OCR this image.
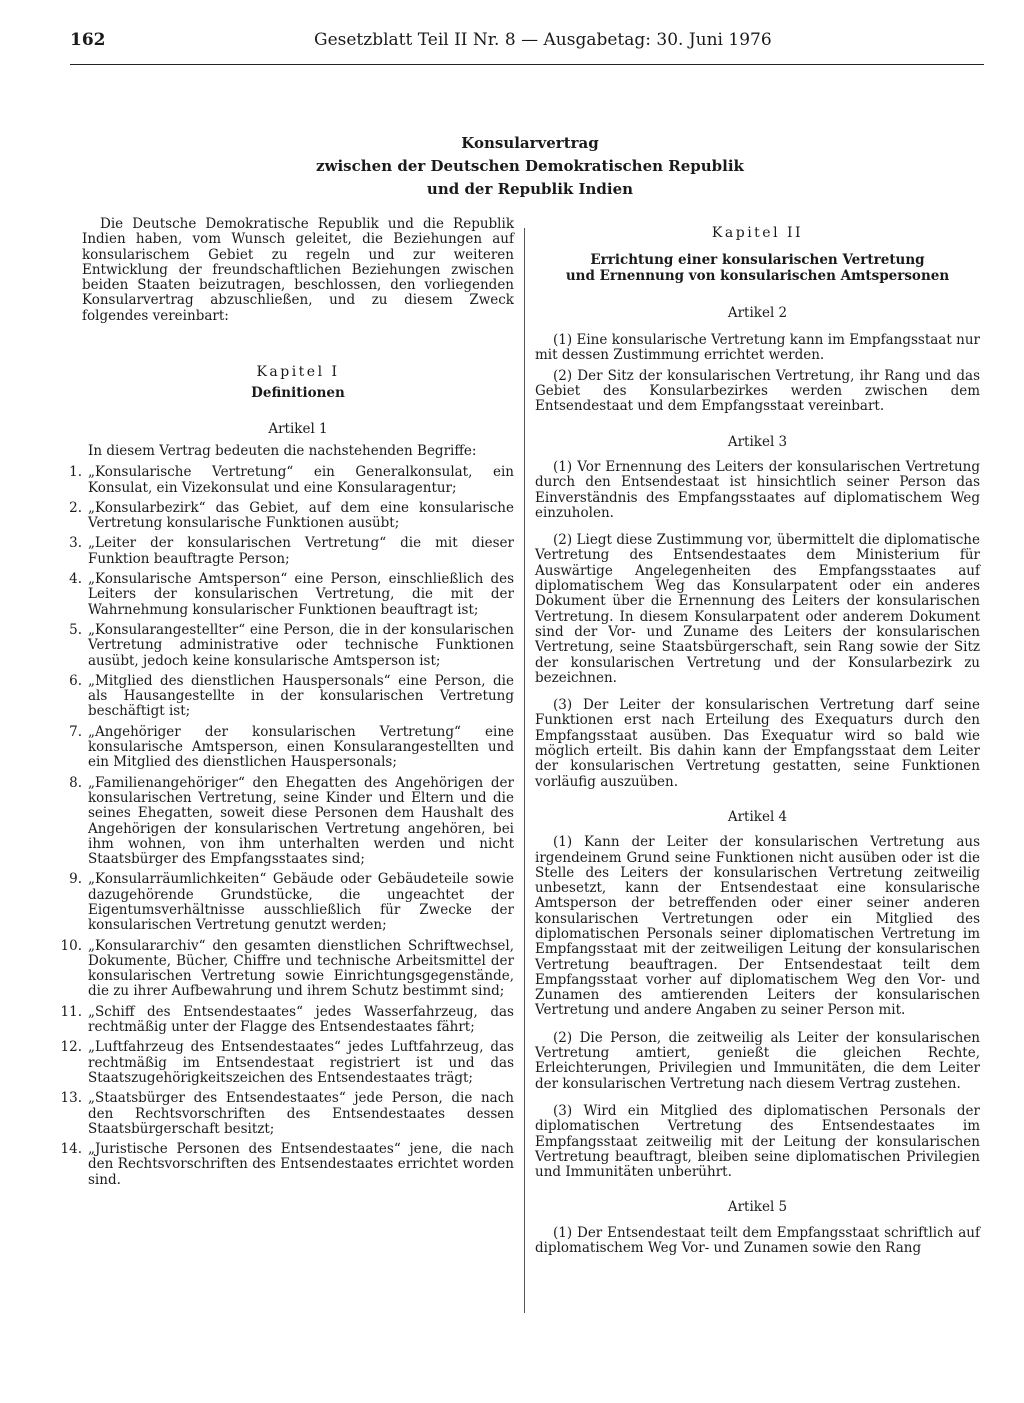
162	Gesetzblatt Teil II Nr. 8 — Ausgabetag: 30. Juni 1976
Konsularvertrag
zwischen der Deutschen Demokratischen Republik
und der Republik Indien

Die Deutsche Demokratische Republik und die Republik Indien haben, vom Wunsch geleitet, die Beziehungen auf konsularischem Gebiet zu regeln und zur weiteren Entwicklung der freundschaftlichen Beziehungen zwischen beiden Staaten beizutragen, beschlossen, den vorliegenden Konsularvertrag abzuschließen, und zu diesem Zweck folgendes vereinbart:

Kapitel I
Definitionen
Artikel 1

In diesem Vertrag bedeuten die nachstehenden Begriffe:

1. „Konsularische Vertretung“ ein Generalkonsulat, ein Konsulat, ein Vizekonsulat und eine Konsularagentur;
2. „Konsularbezirk“ das Gebiet, auf dem eine konsularische Vertretung konsularische Funktionen ausübt;
3. „Leiter der konsularischen Vertretung“ die mit dieser Funktion beauftragte Person;
4. „Konsularische Amtsperson“ eine Person, einschließlich des Leiters der konsularischen Vertretung, die mit der Wahrnehmung konsularischer Funktionen beauftragt ist;
5. „Konsularangestellter“ eine Person, die in der konsularischen Vertretung administrative oder technische Funktionen ausübt, jedoch keine konsularische Amtsperson ist;
6. „Mitglied des dienstlichen Hauspersonals“ eine Person, die als Hausangestellte in der konsularischen Vertretung beschäftigt ist;
7. „Angehöriger der konsularischen Vertretung“ eine konsularische Amtsperson, einen Konsularangestellten und ein Mitglied des dienstlichen Hauspersonals;
8. „Familienangehöriger“ den Ehegatten des Angehörigen der konsularischen Vertretung, seine Kinder und Eltern und die seines Ehegatten, soweit diese Personen dem Haushalt des Angehörigen der konsularischen Vertretung angehören, bei ihm wohnen, von ihm unterhalten werden und nicht Staatsbürger des Empfangsstaates sind;
9. „Konsularräumlichkeiten“ Gebäude oder Gebäudeteile sowie dazugehörende Grundstücke, die ungeachtet der Eigentumsverhältnisse ausschließlich für Zwecke der konsularischen Vertretung genutzt werden;
10. „Konsulararchiv“ den gesamten dienstlichen Schriftwechsel, Dokumente, Bücher, Chiffre und technische Arbeitsmittel der konsularischen Vertretung sowie Einrichtungsgegenstände, die zu ihrer Aufbewahrung und ihrem Schutz bestimmt sind;
11. „Schiff des Entsendestaates“ jedes Wasserfahrzeug, das rechtmäßig unter der Flagge des Entsendestaates fährt;
12. „Luftfahrzeug des Entsendestaates“ jedes Luftfahrzeug, das rechtmäßig im Entsendestaat registriert ist und das Staatszugehörigkeitszeichen des Entsendestaates trägt;
13. „Staatsbürger des Entsendestaates“ jede Person, die nach den Rechtsvorschriften des Entsendestaates dessen Staatsbürgerschaft besitzt;
14. „Juristische Personen des Entsendestaates“ jene, die nach den Rechtsvorschriften des Entsendestaates errichtet worden sind.
Kapitel II
Errichtung einer konsularischen Vertretung
und Ernennung von konsularischen Amtspersonen
Artikel 2

(1) Eine konsularische Vertretung kann im Empfangsstaat nur mit dessen Zustimmung errichtet werden.

(2) Der Sitz der konsularischen Vertretung, ihr Rang und das Gebiet des Konsularbezirkes werden zwischen dem Entsendestaat und dem Empfangsstaat vereinbart.

Artikel 3

(1) Vor Ernennung des Leiters der konsularischen Vertretung durch den Entsendestaat ist hinsichtlich seiner Person das Einverständnis des Empfangsstaates auf diplomatischem Weg einzuholen.

(2) Liegt diese Zustimmung vor, übermittelt die diplomatische Vertretung des Entsendestaates dem Ministerium für Auswärtige Angelegenheiten des Empfangsstaates auf diplomatischem Weg das Konsularpatent oder ein anderes Dokument über die Ernennung des Leiters der konsularischen Vertretung. In diesem Konsularpatent oder anderem Dokument sind der Vor- und Zuname des Leiters der konsularischen Vertretung, seine Staatsbürgerschaft, sein Rang sowie der Sitz der konsularischen Vertretung und der Konsularbezirk zu bezeichnen.

(3) Der Leiter der konsularischen Vertretung darf seine Funktionen erst nach Erteilung des Exequaturs durch den Empfangsstaat ausüben. Das Exequatur wird so bald wie möglich erteilt. Bis dahin kann der Empfangsstaat dem Leiter der konsularischen Vertretung gestatten, seine Funktionen vorläufig auszuüben.

Artikel 4

(1) Kann der Leiter der konsularischen Vertretung aus irgendeinem Grund seine Funktionen nicht ausüben oder ist die Stelle des Leiters der konsularischen Vertretung zeitweilig unbesetzt, kann der Entsendestaat eine konsularische Amtsperson der betreffenden oder einer seiner anderen konsularischen Vertretungen oder ein Mitglied des diplomatischen Personals seiner diplomatischen Vertretung im Empfangsstaat mit der zeitweiligen Leitung der konsularischen Vertretung beauftragen. Der Entsendestaat teilt dem Empfangsstaat vorher auf diplomatischem Weg den Vor- und Zunamen des amtierenden Leiters der konsularischen Vertretung und andere Angaben zu seiner Person mit.

(2) Die Person, die zeitweilig als Leiter der konsularischen Vertretung amtiert, genießt die gleichen Rechte, Erleichterungen, Privilegien und Immunitäten, die dem Leiter der konsularischen Vertretung nach diesem Vertrag zustehen.

(3) Wird ein Mitglied des diplomatischen Personals der diplomatischen Vertretung des Entsendestaates im Empfangsstaat zeitweilig mit der Leitung der konsularischen Vertretung beauftragt, bleiben seine diplomatischen Privilegien und Immunitäten unberührt.

Artikel 5

(1) Der Entsendestaat teilt dem Empfangsstaat schriftlich auf diplomatischem Weg Vor- und Zunamen sowie den Rang
